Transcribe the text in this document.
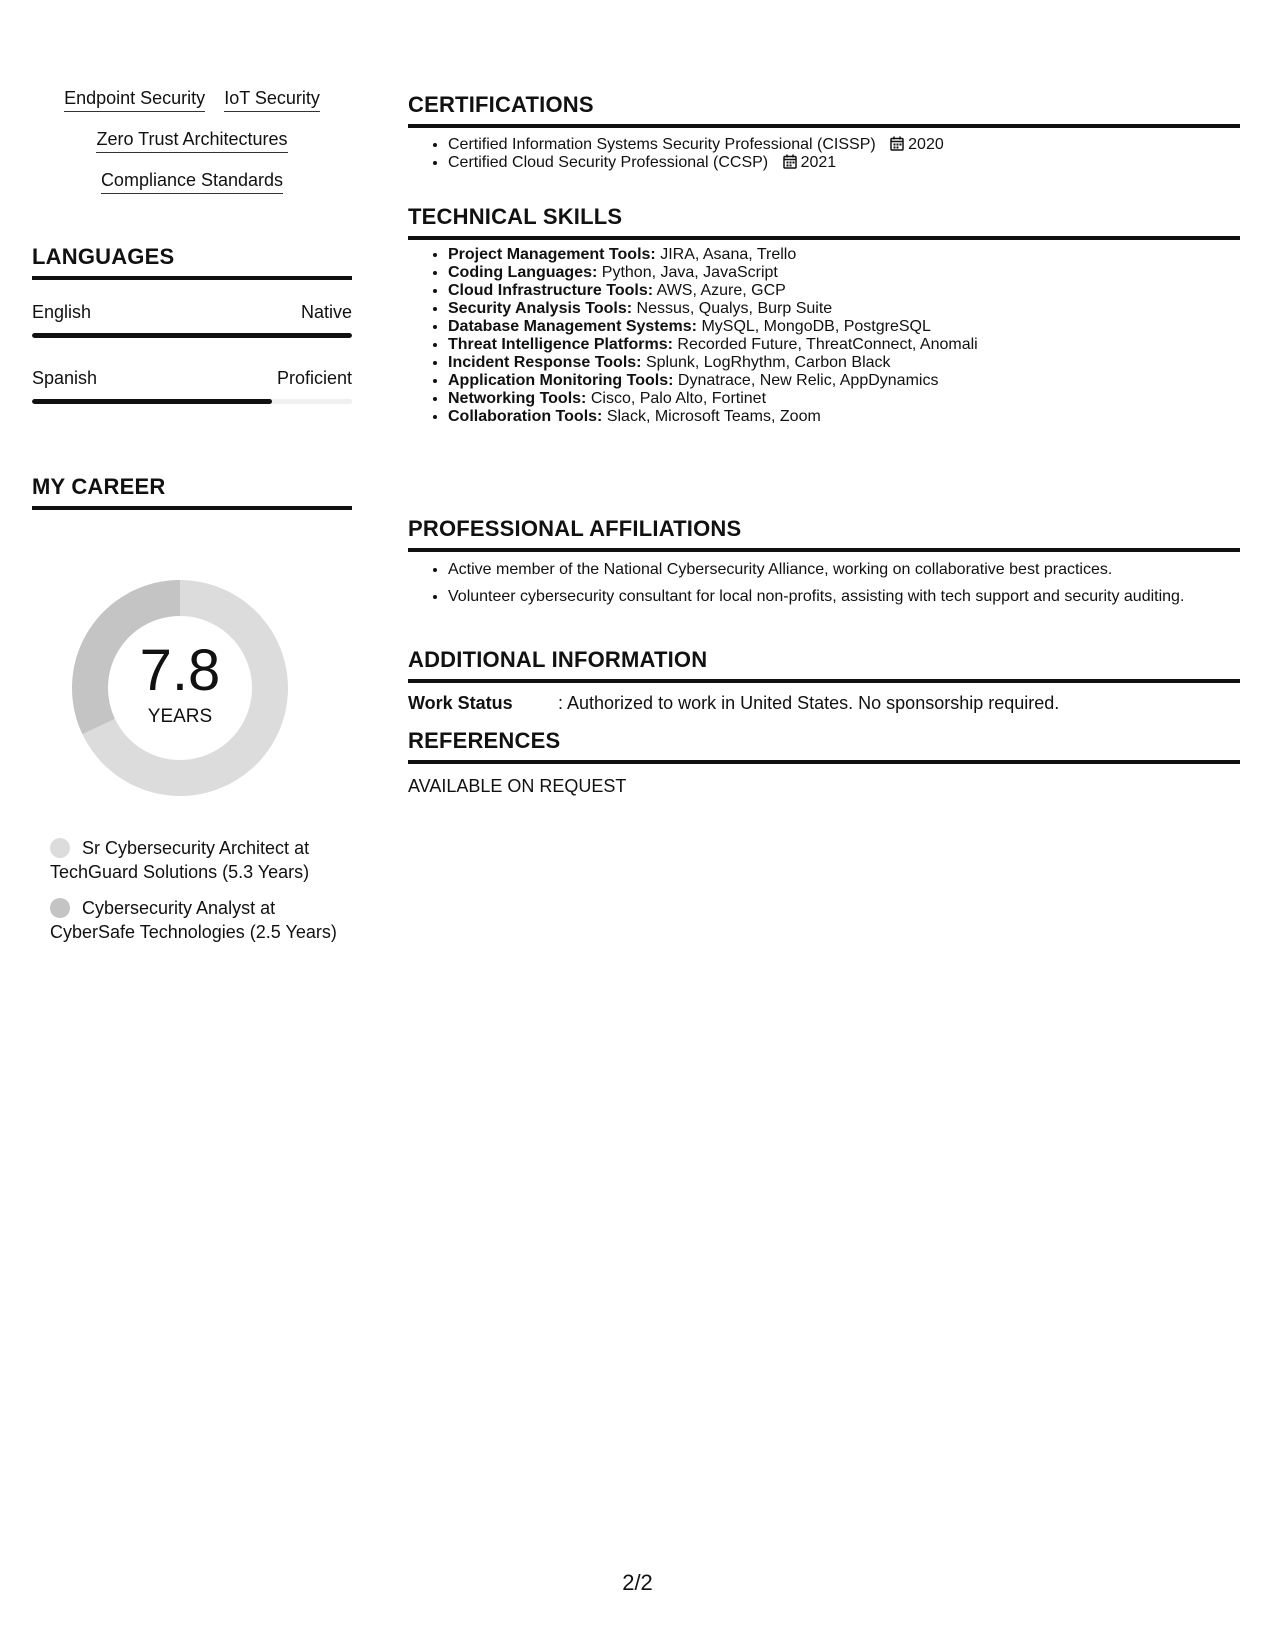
Endpoint Security IoT Security
Zero Trust Architectures
Compliance Standards
LANGUAGES
English	Native
Spanish	Proficient
MY CAREER
7.8
YEARS
Sr Cybersecurity Architect at TechGuard Solutions (5.3 Years)
Cybersecurity Analyst at CyberSafe Technologies (2.5 Years)
CERTIFICATIONS
• Certified Information Systems Security Professional (CISSP) 2020
• Certified Cloud Security Professional (CCSP) 2021
TECHNICAL SKILLS
• Project Management Tools: JIRA, Asana, Trello
• Coding Languages: Python, Java, JavaScript
• Cloud Infrastructure Tools: AWS, Azure, GCP
• Security Analysis Tools: Nessus, Qualys, Burp Suite
• Database Management Systems: MySQL, MongoDB, PostgreSQL
• Threat Intelligence Platforms: Recorded Future, ThreatConnect, Anomali
• Incident Response Tools: Splunk, LogRhythm, Carbon Black
• Application Monitoring Tools: Dynatrace, New Relic, AppDynamics
• Networking Tools: Cisco, Palo Alto, Fortinet
• Collaboration Tools: Slack, Microsoft Teams, Zoom
PROFESSIONAL AFFILIATIONS
• Active member of the National Cybersecurity Alliance, working on collaborative best practices.
• Volunteer cybersecurity consultant for local non-profits, assisting with tech support and security auditing.
ADDITIONAL INFORMATION
Work Status	: Authorized to work in United States. No sponsorship required.
REFERENCES
AVAILABLE ON REQUEST
2/2
